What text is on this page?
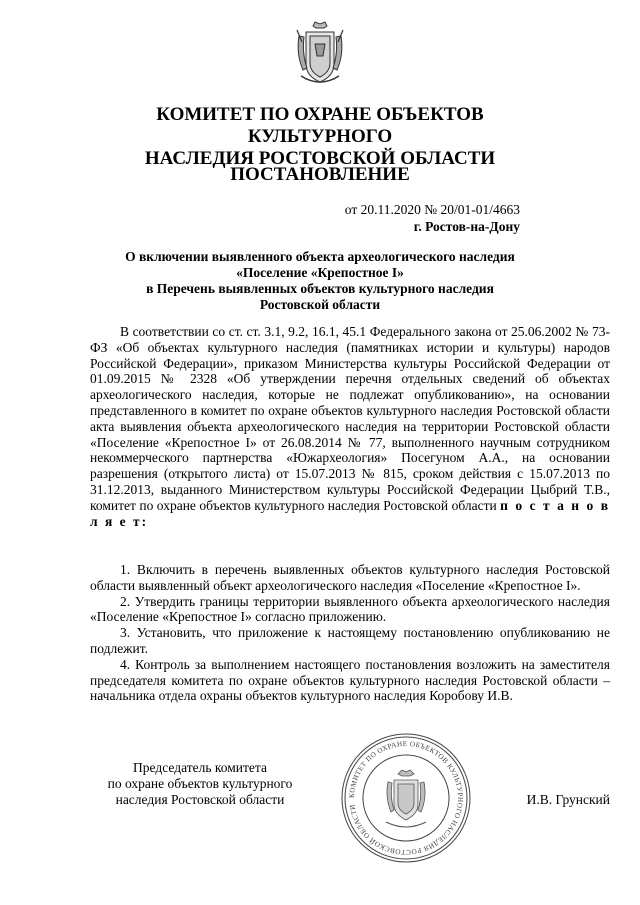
КОМИТЕТ ПО ОХРАНЕ ОБЪЕКТОВ КУЛЬТУРНОГО
НАСЛЕДИЯ РОСТОВСКОЙ ОБЛАСТИ
ПОСТАНОВЛЕНИЕ
от 20.11.2020 № 20/01-01/4663
г. Ростов-на-Дону
О включении выявленного объекта археологического наследия
«Поселение «Крепостное I»
в Перечень выявленных объектов культурного наследия
Ростовской области

В соответствии со ст. ст. 3.1, 9.2, 16.1, 45.1 Федерального закона от 25.06.2002 № 73-ФЗ «Об объектах культурного наследия (памятниках истории и культуры) народов Российской Федерации», приказом Министерства культуры Российской Федерации от 01.09.2015 № 2328 «Об утверждении перечня отдельных сведений об объектах археологического наследия, которые не подлежат опубликованию», на основании представленного в комитет по охране объектов культурного наследия Ростовской области акта выявления объекта археологического наследия на территории Ростовской области «Поселение «Крепостное I» от 26.08.2014 № 77, выполненного научным сотрудником некоммерческого партнерства «Южархеология» Посегуном А.А., на основании разрешения (открытого листа) от 15.07.2013 № 815, сроком действия с 15.07.2013 по 31.12.2013, выданного Министерством культуры Российской Федерации Цыбрий Т.В., комитет по охране объектов культурного наследия Ростовской области п о с т а н о в л я е т:

1. Включить в перечень выявленных объектов культурного наследия Ростовской области выявленный объект археологического наследия «Поселение «Крепостное I».

2. Утвердить границы территории выявленного объекта археологического наследия «Поселение «Крепостное I» согласно приложению.

3. Установить, что приложение к настоящему постановлению опубликованию не подлежит.

4. Контроль за выполнением настоящего постановления возложить на заместителя председателя комитета по охране объектов культурного наследия Ростовской области – начальника отдела охраны объектов культурного наследия Коробову И.В.

Председатель комитета
по охране объектов культурного
наследия Ростовской области	КОМИТЕТ ПО ОХРАНЕ ОБЪЕКТОВ КУЛЬТУРНОГО НАСЛЕДИЯ РОСТОВСКОЙ ОБЛАСТИ
И.В. Грунский
